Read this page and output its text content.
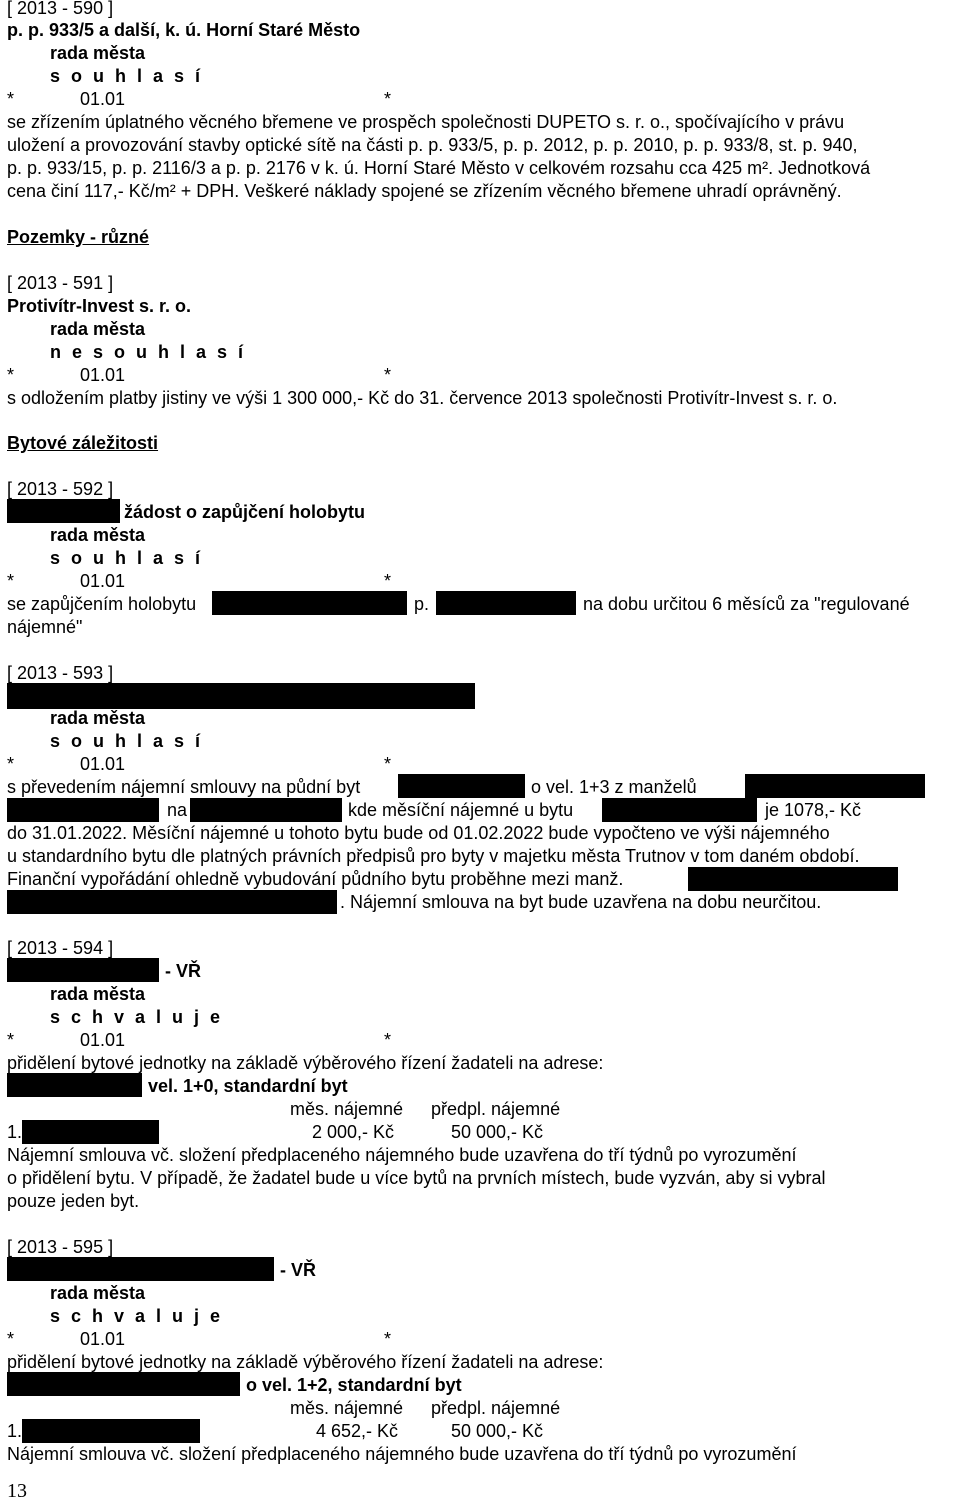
[ 2013 - 590 ]
p. p. 933/5 a další, k. ú. Horní Staré Město
rada města
s o u h l a s í
*	01.01	*
se zřízením úplatného věcného břemene ve prospěch společnosti DUPETO s. r. o., spočívajícího v právu
uložení a provozování stavby optické sítě na části p. p. 933/5, p. p. 2012, p. p. 2010, p. p. 933/8, st. p. 940,
p. p. 933/15, p. p. 2116/3 a p. p. 2176 v k. ú. Horní Staré Město v celkovém rozsahu cca 425 m². Jednotková
cena činí 117,- Kč/m² + DPH. Veškeré náklady spojené se zřízením věcného břemene uhradí oprávněný.
Pozemky - různé
[ 2013 - 591 ]
Protivítr-Invest s. r. o.
rada města
n e s o u h l a s í
*	01.01	*
s odložením platby jistiny ve výši 1 300 000,- Kč do 31. července 2013 společnosti Protivítr-Invest s. r. o.
Bytové záležitosti
[ 2013 - 592 ]
žádost o zapůjčení holobytu
rada města
s o u h l a s í
*	01.01	*
se zapůjčením holobytu	p.	na dobu určitou 6 měsíců za "regulované
nájemné"
[ 2013 - 593 ]
rada města
s o u h l a s í
*	01.01	*
s převedením nájemní smlouvy na půdní byt	o vel. 1+3 z manželů
na	kde měsíční nájemné u bytu	je 1078,- Kč
do 31.01.2022. Měsíční nájemné u tohoto bytu bude od 01.02.2022 bude vypočteno ve výši nájemného
u standardního bytu dle platných právních předpisů pro byty v majetku města Trutnov v tom daném období.
Finanční vypořádání ohledně vybudování půdního bytu proběhne mezi manž.
. Nájemní smlouva na byt bude uzavřena na dobu neurčitou.
[ 2013 - 594 ]
- VŘ
rada města
s c h v a l u j e
*	01.01	*
přidělení bytové jednotky na základě výběrového řízení žadateli na adrese:
vel. 1+0, standardní byt
měs. nájemné předpl. nájemné
1.	2 000,- Kč	50 000,- Kč
Nájemní smlouva vč. složení předplaceného nájemného bude uzavřena do tří týdnů po vyrozumění
o přidělení bytu. V případě, že žadatel bude u více bytů na prvních místech, bude vyzván, aby si vybral
pouze jeden byt.
[ 2013 - 595 ]
- VŘ
rada města
s c h v a l u j e
*	01.01	*
přidělení bytové jednotky na základě výběrového řízení žadateli na adrese:
o vel. 1+2, standardní byt
měs. nájemné předpl. nájemné
1.	4 652,- Kč	50 000,- Kč
Nájemní smlouva vč. složení předplaceného nájemného bude uzavřena do tří týdnů po vyrozumění
13
